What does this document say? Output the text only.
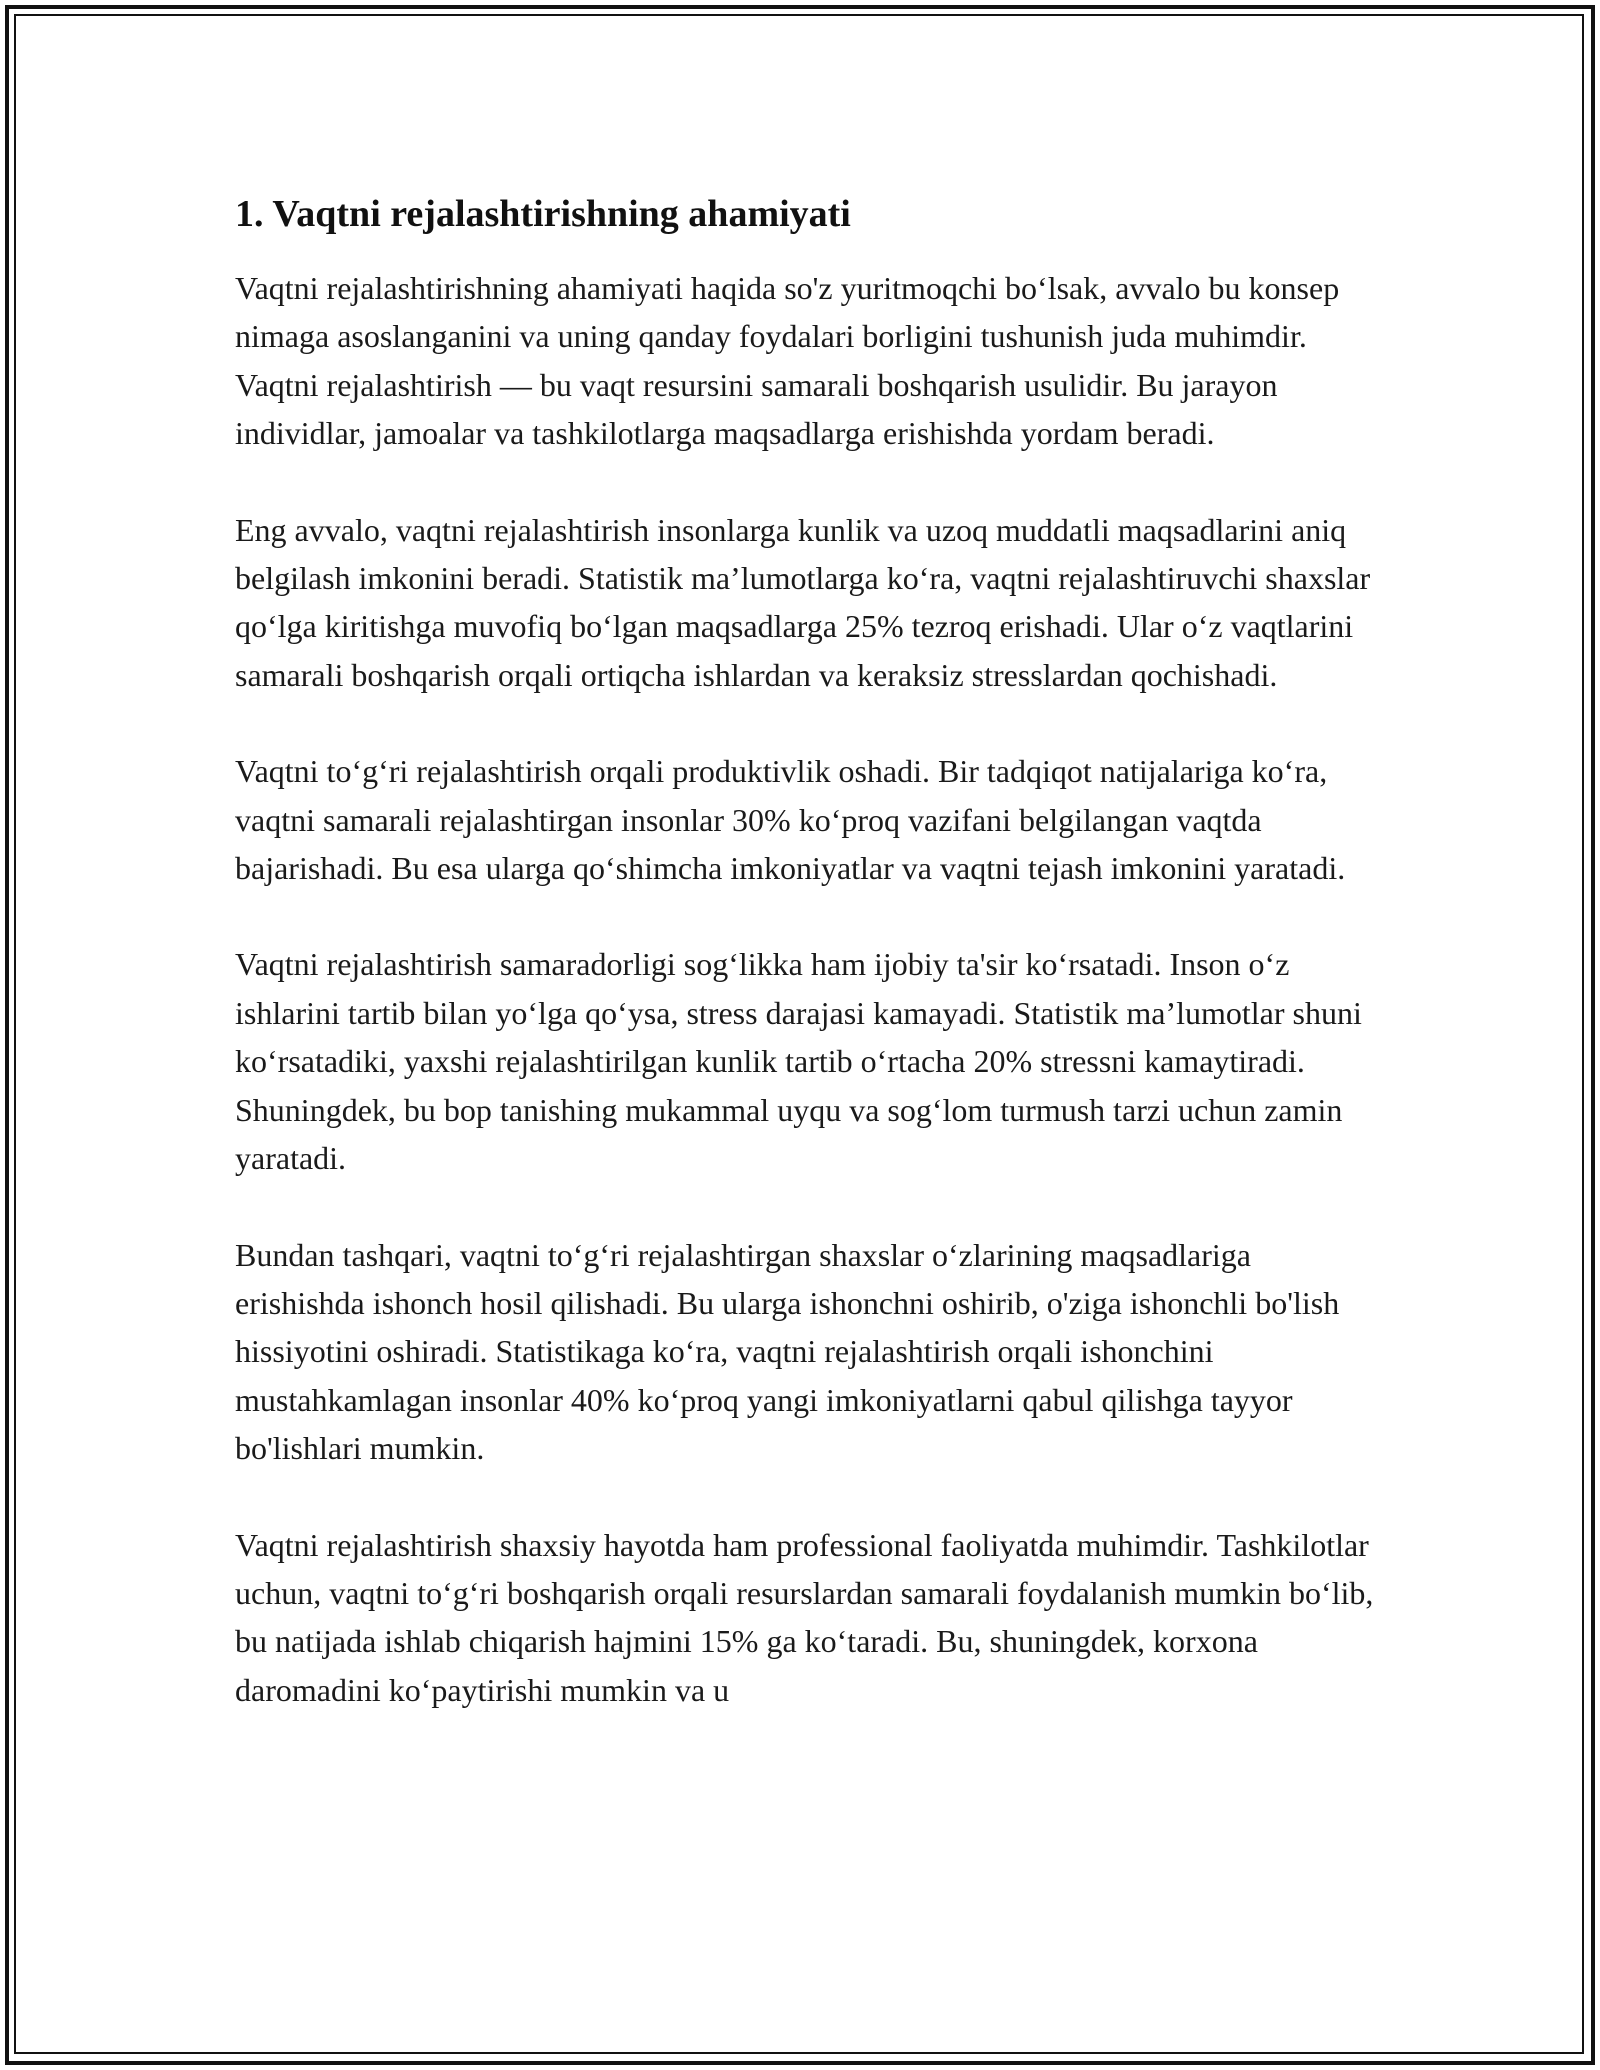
1. Vaqtni rejalashtirishning ahamiyati

Vaqtni rejalashtirishning ahamiyati haqida so'z yuritmoqchi bo‘lsak, avvalo bu konsep nimaga asoslanganini va uning qanday foydalari borligini tushunish juda muhimdir. Vaqtni rejalashtirish — bu vaqt resursini samarali boshqarish usulidir. Bu jarayon individlar, jamoalar va tashkilotlarga maqsadlarga erishishda yordam beradi.

Eng avvalo, vaqtni rejalashtirish insonlarga kunlik va uzoq muddatli maqsadlarini aniq belgilash imkonini beradi. Statistik ma’lumotlarga ko‘ra, vaqtni rejalashtiruvchi shaxslar qo‘lga kiritishga muvofiq bo‘lgan maqsadlarga 25% tezroq erishadi. Ular o‘z vaqtlarini samarali boshqarish orqali ortiqcha ishlardan va keraksiz stresslardan qochishadi.

Vaqtni to‘g‘ri rejalashtirish orqali produktivlik oshadi. Bir tadqiqot natijalariga ko‘ra, vaqtni samarali rejalashtirgan insonlar 30% ko‘proq vazifani belgilangan vaqtda bajarishadi. Bu esa ularga qo‘shimcha imkoniyatlar va vaqtni tejash imkonini yaratadi.

Vaqtni rejalashtirish samaradorligi sog‘likka ham ijobiy ta'sir ko‘rsatadi. Inson o‘z ishlarini tartib bilan yo‘lga qo‘ysa, stress darajasi kamayadi. Statistik ma’lumotlar shuni ko‘rsatadiki, yaxshi rejalashtirilgan kunlik tartib o‘rtacha 20% stressni kamaytiradi. Shuningdek, bu bop tanishing mukammal uyqu va sog‘lom turmush tarzi uchun zamin yaratadi.

Bundan tashqari, vaqtni to‘g‘ri rejalashtirgan shaxslar o‘zlarining maqsadlariga erishishda ishonch hosil qilishadi. Bu ularga ishonchni oshirib, o'ziga ishonchli bo'lish hissiyotini oshiradi. Statistikaga ko‘ra, vaqtni rejalashtirish orqali ishonchini mustahkamlagan insonlar 40% ko‘proq yangi imkoniyatlarni qabul qilishga tayyor bo'lishlari mumkin.

Vaqtni rejalashtirish shaxsiy hayotda ham professional faoliyatda muhimdir. Tashkilotlar uchun, vaqtni to‘g‘ri boshqarish orqali resurslardan samarali foydalanish mumkin bo‘lib, bu natijada ishlab chiqarish hajmini 15% ga ko‘taradi. Bu, shuningdek, korxona daromadini ko‘paytirishi mumkin va u
